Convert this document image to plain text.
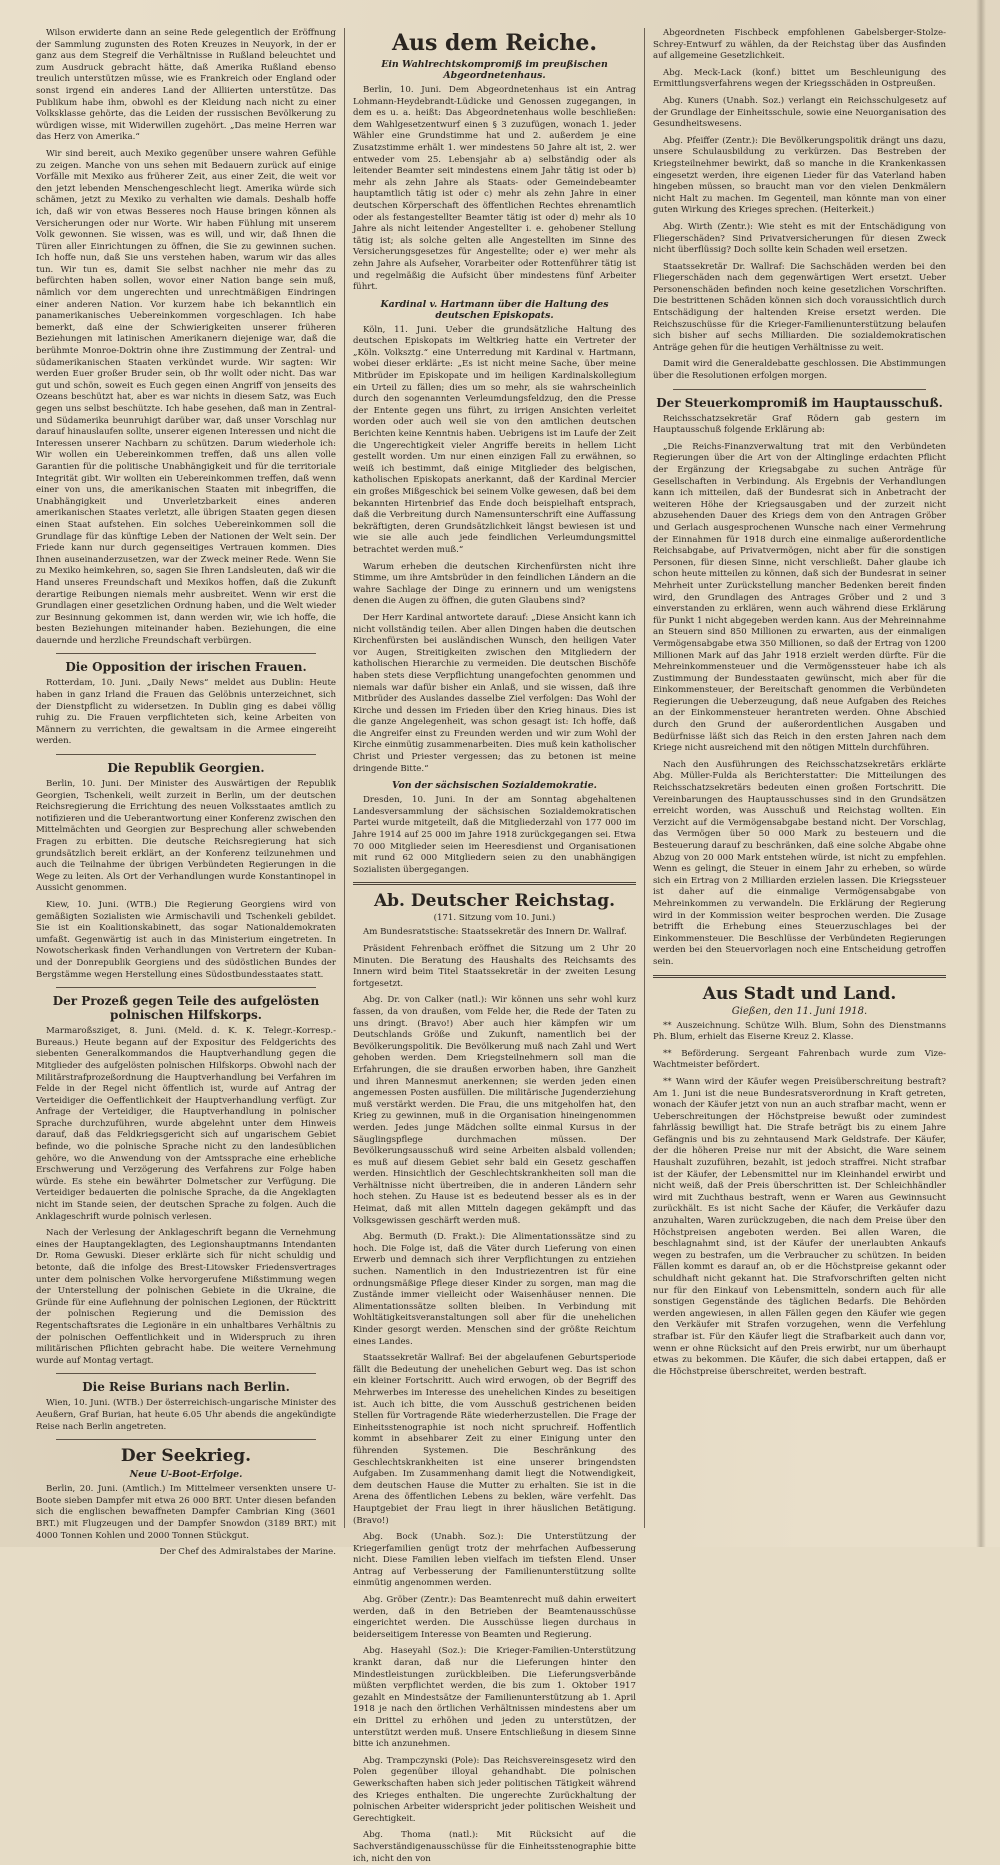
Wilson erwiderte dann an seine Rede gelegentlich der Eröffnung der Sammlung zugunsten des Roten Kreuzes in Neuyork, in der er ganz aus dem Stegreif die Verhältnisse in Rußland beleuchtet und zum Ausdruck gebracht hätte, daß Amerika Rußland ebenso treulich unterstützen müsse, wie es Frankreich oder England oder sonst irgend ein anderes Land der Alliierten unterstütze. Das Publikum habe ihm, obwohl es der Kleidung nach nicht zu einer Volksklasse gehörte, das die Leiden der russischen Bevölkerung zu würdigen wisse, mit Widerwillen zugehört. „Das meine Herren war das Herz von Amerika.“

Wir sind bereit, auch Mexiko gegenüber unsere wahren Gefühle zu zeigen. Manche von uns sehen mit Bedauern zurück auf einige Vorfälle mit Mexiko aus früherer Zeit, aus einer Zeit, die weit vor den jetzt lebenden Menschengeschlecht liegt. Amerika würde sich schämen, jetzt zu Mexiko zu verhalten wie damals. Deshalb hoffe ich, daß wir von etwas Besseres noch Hause bringen können als Versicherungen oder nur Worte. Wir haben Fühlung mit unserem Volk gewonnen. Sie wissen, was es will, und wir, daß Ihnen die Türen aller Einrichtungen zu öffnen, die Sie zu gewinnen suchen. Ich hoffe nun, daß Sie uns verstehen haben, warum wir das alles tun. Wir tun es, damit Sie selbst nachher nie mehr das zu befürchten haben sollen, wovor einer Nation bange sein muß, nämlich vor dem ungerechten und unrechtmäßigen Eindringen einer anderen Nation. Vor kurzem habe ich bekanntlich ein panamerikanisches Uebereinkommen vorgeschlagen. Ich habe bemerkt, daß eine der Schwierigkeiten unserer früheren Beziehungen mit latinischen Amerikanern diejenige war, daß die berühmte Monroe-Doktrin ohne ihre Zustimmung der Zentral- und südamerikanischen Staaten verkündet wurde. Wir sagten: Wir werden Euer großer Bruder sein, ob Ihr wollt oder nicht. Das war gut und schön, soweit es Euch gegen einen Angriff von jenseits des Ozeans beschützt hat, aber es war nichts in diesem Satz, was Euch gegen uns selbst beschützte. Ich habe gesehen, daß man in Zentral- und Südamerika beunruhigt darüber war, daß unser Vorschlag nur darauf hinauslaufen sollte, unserer eigenen Interessen und nicht die Interessen unserer Nachbarn zu schützen. Darum wiederhole ich: Wir wollen ein Uebereinkommen treffen, daß uns allen volle Garantien für die politische Unabhängigkeit und für die territoriale Integrität gibt. Wir wollten ein Uebereinkommen treffen, daß wenn einer von uns, die amerikanischen Staaten mit inbegriffen, die Unabhängigkeit und Unverletzbarkeit eines anderen amerikanischen Staates verletzt, alle übrigen Staaten gegen diesen einen Staat aufstehen. Ein solches Uebereinkommen soll die Grundlage für das künftige Leben der Nationen der Welt sein. Der Friede kann nur durch gegenseitiges Vertrauen kommen. Dies Ihnen auseinanderzusetzen, war der Zweck meiner Rede. Wenn Sie zu Mexiko heimkehren, so, sagen Sie Ihren Landsleuten, daß wir die Hand unseres Freundschaft und Mexikos hoffen, daß die Zukunft derartige Reibungen niemals mehr ausbreitet. Wenn wir erst die Grundlagen einer gesetzlichen Ordnung haben, und die Welt wieder zur Besinnung gekommen ist, dann werden wir, wie ich hoffe, die besten Beziehungen miteinander haben. Beziehungen, die eine dauernde und herzliche Freundschaft verbürgen.

Die Opposition der irischen Frauen.

Rotterdam, 10. Juni. „Daily News“ meldet aus Dublin: Heute haben in ganz Irland die Frauen das Gelöbnis unterzeichnet, sich der Dienstpflicht zu widersetzen. In Dublin ging es dabei völlig ruhig zu. Die Frauen verpflichteten sich, keine Arbeiten von Männern zu verrichten, die gewaltsam in die Armee eingereiht werden.

Die Republik Georgien.

Berlin, 10. Juni. Der Minister des Auswärtigen der Republik Georgien, Tschenkeli, weilt zurzeit in Berlin, um der deutschen Reichsregierung die Errichtung des neuen Volksstaates amtlich zu notifizieren und die Ueberantwortung einer Konferenz zwischen den Mittelmächten und Georgien zur Besprechung aller schwebenden Fragen zu erbitten. Die deutsche Reichsregierung hat sich grundsätzlich bereit erklärt, an der Konferenz teilzunehmen und auch die Teilnahme der übrigen Verbündeten Regierungen in die Wege zu leiten. Als Ort der Verhandlungen wurde Konstantinopel in Aussicht genommen.

Kiew, 10. Juni. (WTB.) Die Regierung Georgiens wird von gemäßigten Sozialisten wie Armischavili und Tschenkeli gebildet. Sie ist ein Koalitionskabinett, das sogar Nationaldemokraten umfaßt. Gegenwärtig ist auch in das Ministerium eingetreten. In Nowotscherkask finden Verhandlungen von Vertretern der Kuban- und der Donrepublik Georgiens und des südöstlichen Bundes der Bergstämme wegen Herstellung eines Südostbundesstaates statt.

Der Prozeß gegen Teile des aufgelösten polnischen Hilfskorps.

Marmaroßsziget, 8. Juni. (Meld. d. K. K. Telegr.-Korresp.-Bureaus.) Heute begann auf der Expositur des Feldgerichts des siebenten Generalkommandos die Hauptverhandlung gegen die Mitglieder des aufgelösten polnischen Hilfskorps. Obwohl nach der Militärstrafprozeßordnung die Hauptverhandlung bei Verfahren im Felde in der Regel nicht öffentlich ist, wurde auf Antrag der Verteidiger die Oeffentlichkeit der Hauptverhandlung verfügt. Zur Anfrage der Verteidiger, die Hauptverhandlung in polnischer Sprache durchzuführen, wurde abgelehnt unter dem Hinweis darauf, daß das Feldkriegsgericht sich auf ungarischem Gebiet befinde, wo die polnische Sprache nicht zu den landesüblichen gehöre, wo die Anwendung von der Amtssprache eine erhebliche Erschwerung und Verzögerung des Verfahrens zur Folge haben würde. Es stehe ein bewährter Dolmetscher zur Verfügung. Die Verteidiger bedauerten die polnische Sprache, da die Angeklagten nicht im Stande seien, der deutschen Sprache zu folgen. Auch die Anklageschrift wurde polnisch verlesen.

Nach der Verlesung der Anklageschrift begann die Vernehmung eines der Hauptangeklagten, des Legionshauptmanns Intendanten Dr. Roma Gewuski. Dieser erklärte sich für nicht schuldig und betonte, daß die infolge des Brest-Litowsker Friedensvertrages unter dem polnischen Volke hervorgerufene Mißstimmung wegen der Unterstellung der polnischen Gebiete in die Ukraine, die Gründe für eine Auflehnung der polnischen Legionen, der Rücktritt der polnischen Regierung und die Demission des Regentschaftsrates die Legionäre in ein unhaltbares Verhältnis zu der polnischen Oeffentlichkeit und in Widerspruch zu ihren militärischen Pflichten gebracht habe. Die weitere Vernehmung wurde auf Montag vertagt.

Die Reise Burians nach Berlin.

Wien, 10. Juni. (WTB.) Der österreichisch-ungarische Minister des Aeußern, Graf Burian, hat heute 6.05 Uhr abends die angekündigte Reise nach Berlin angetreten.

Der Seekrieg.
Neue U-Boot-Erfolge.

Berlin, 20. Juni. (Amtlich.) Im Mittelmeer versenkten unsere U-Boote sieben Dampfer mit etwa 26 000 BRT. Unter diesen befanden sich die englischen bewaffneten Dampfer Cambrian King (3601 BRT.) mit Flugzeugen und der Dampfer Snowdon (3189 BRT.) mit 4000 Tonnen Kohlen und 2000 Tonnen Stückgut.

Der Chef des Admiralstabes der Marine.

Aus dem Reiche.
Ein Wahlrechtskompromiß im preußischen Abgeordnetenhaus.

Berlin, 10. Juni. Dem Abgeordnetenhaus ist ein Antrag Lohmann-Heydebrandt-Lüdicke und Genossen zugegangen, in dem es u. a. heißt: Das Abgeordnetenhaus wolle beschließen: dem Wahlgesetzentwurf einen § 3 zuzufügen, wonach 1. jeder Wähler eine Grundstimme hat und 2. außerdem je eine Zusatzstimme erhält 1. wer mindestens 50 Jahre alt ist, 2. wer entweder vom 25. Lebensjahr ab a) selbständig oder als leitender Beamter seit mindestens einem Jahr tätig ist oder b) mehr als zehn Jahre als Staats- oder Gemeindebeamter hauptamtlich tätig ist oder c) mehr als zehn Jahre in einer deutschen Körperschaft des öffentlichen Rechtes ehrenamtlich oder als festangestellter Beamter tätig ist oder d) mehr als 10 Jahre als nicht leitender Angestellter i. e. gehobener Stellung tätig ist; als solche gelten alle Angestellten im Sinne des Versicherungsgesetzes für Angestellte; oder e) wer mehr als zehn Jahre als Aufseher, Vorarbeiter oder Rottenführer tätig ist und regelmäßig die Aufsicht über mindestens fünf Arbeiter führt.

Kardinal v. Hartmann über die Haltung des deutschen Episkopats.

Köln, 11. Juni. Ueber die grundsätzliche Haltung des deutschen Episkopats im Weltkrieg hatte ein Vertreter der „Köln. Volksztg.“ eine Unterredung mit Kardinal v. Hartmann, wobei dieser erklärte: „Es ist nicht meine Sache, über meine Mitbrüder im Episkopate und im heiligen Kardinalskollegium ein Urteil zu fällen; dies um so mehr, als sie wahrscheinlich durch den sogenannten Verleumdungsfeldzug, den die Presse der Entente gegen uns führt, zu irrigen Ansichten verleitet worden oder auch weil sie von den amtlichen deutschen Berichten keine Kenntnis haben. Uebrigens ist im Laufe der Zeit die Ungerechtigkeit vieler Angriffe bereits in hellem Licht gestellt worden. Um nur einen einzigen Fall zu erwähnen, so weiß ich bestimmt, daß einige Mitglieder des belgischen, katholischen Episkopats anerkannt, daß der Kardinal Mercier ein großes Mißgeschick bei seinem Volke gewesen, daß bei dem bekannten Hirtenbrief das Ende doch beispielhaft entsprach, daß die Verbreitung durch Namensunterschrift eine Auffassung bekräftigten, deren Grundsätzlichkeit längst bewiesen ist und wie sie alle auch jede feindlichen Verleumdungsmittel betrachtet werden muß.“

Warum erheben die deutschen Kirchenfürsten nicht ihre Stimme, um ihre Amtsbrüder in den feindlichen Ländern an die wahre Sachlage der Dinge zu erinnern und um wenigstens denen die Augen zu öffnen, die guten Glaubens sind?

Der Herr Kardinal antwortete darauf: „Diese Ansicht kann ich nicht vollständig teilen. Aber allen Dingen haben die deutschen Kirchenfürsten bei ausländischen Wunsch, den heiligen Vater vor Augen, Streitigkeiten zwischen den Mitgliedern der katholischen Hierarchie zu vermeiden. Die deutschen Bischöfe haben stets diese Verpflichtung unangefochten genommen und niemals war dafür bisher ein Anlaß, und sie wissen, daß ihre Mitbrüder des Auslandes dasselbe Ziel verfolgen: Das Wohl der Kirche und dessen im Frieden über den Krieg hinaus. Dies ist die ganze Angelegenheit, was schon gesagt ist: Ich hoffe, daß die Angreifer einst zu Freunden werden und wir zum Wohl der Kirche einmütig zusammenarbeiten. Dies muß kein katholischer Christ und Priester vergessen; das zu betonen ist meine dringende Bitte.“

Von der sächsischen Sozialdemokratie.

Dresden, 10. Juni. In der am Sonntag abgehaltenen Landesversammlung der sächsischen Sozialdemokratischen Partei wurde mitgeteilt, daß die Mitgliederzahl von 177 000 im Jahre 1914 auf 25 000 im Jahre 1918 zurückgegangen sei. Etwa 70 000 Mitglieder seien im Heeresdienst und Organisationen mit rund 62 000 Mitgliedern seien zu den unabhängigen Sozialisten übergegangen.

Ab. Deutscher Reichstag.
(171. Sitzung vom 10. Juni.)

Am Bundesratstische: Staatssekretär des Innern Dr. Wallraf.

Präsident Fehrenbach eröffnet die Sitzung um 2 Uhr 20 Minuten. Die Beratung des Haushalts des Reichsamts des Innern wird beim Titel Staatssekretär in der zweiten Lesung fortgesetzt.

Abg. Dr. von Calker (natl.): Wir können uns sehr wohl kurz fassen, da von draußen, vom Felde her, die Rede der Taten zu uns dringt. (Bravo!) Aber auch hier kämpfen wir um Deutschlands Größe und Zukunft, namentlich bei der Bevölkerungspolitik. Die Bevölkerung muß nach Zahl und Wert gehoben werden. Dem Kriegsteilnehmern soll man die Erfahrungen, die sie draußen erworben haben, ihre Ganzheit und ihren Mannesmut anerkennen; sie werden jeden einen angemessen Posten ausfüllen. Die militärische Jugenderziehung muß verstärkt werden. Die Frau, die uns mitgeholfen hat, den Krieg zu gewinnen, muß in die Organisation hineingenommen werden. Jedes junge Mädchen sollte einmal Kursus in der Säuglingspflege durchmachen müssen. Der Bevölkerungsausschuß wird seine Arbeiten alsbald vollenden; es muß auf diesem Gebiet sehr bald ein Gesetz geschaffen werden. Hinsichtlich der Geschlechtskrankheiten soll man die Verhältnisse nicht übertreiben, die in anderen Ländern sehr hoch stehen. Zu Hause ist es bedeutend besser als es in der Heimat, daß mit allen Mitteln dagegen gekämpft und das Volksgewissen geschärft werden muß.

Abg. Bermuth (D. Frakt.): Die Alimentationssätze sind zu hoch. Die Folge ist, daß die Väter durch Lieferung von einen Erwerb und demnach sich ihrer Verpflichtungen zu entziehen suchen. Namentlich in den Industriezentren ist für eine ordnungsmäßige Pflege dieser Kinder zu sorgen, man mag die Zustände immer vielleicht oder Waisenhäuser nennen. Die Alimentationssätze sollten bleiben. In Verbindung mit Wohltätigkeitsveranstaltungen soll aber für die unehelichen Kinder gesorgt werden. Menschen sind der größte Reichtum eines Landes.

Staatssekretär Wallraf: Bei der abgelaufenen Geburtsperiode fällt die Bedeutung der unehelichen Geburt weg. Das ist schon ein kleiner Fortschritt. Auch wird erwogen, ob der Begriff des Mehrwerbes im Interesse des unehelichen Kindes zu beseitigen ist. Auch ich bitte, die vom Ausschuß gestrichenen beiden Stellen für Vortragende Räte wiederherzustellen. Die Frage der Einheitsstenographie ist noch nicht spruchreif. Hoffentlich kommt in absehbarer Zeit zu einer Einigung unter den führenden Systemen. Die Beschränkung des Geschlechtskrankheiten ist eine unserer bringendsten Aufgaben. Im Zusammenhang damit liegt die Notwendigkeit, dem deutschen Hause die Mutter zu erhalten. Sie ist in die Arena des öffentlichen Lebens zu beklen, wäre verfehlt. Das Hauptgebiet der Frau liegt in ihrer häuslichen Betätigung. (Bravo!)

Abg. Bock (Unabh. Soz.): Die Unterstützung der Kriegerfamilien genügt trotz der mehrfachen Aufbesserung nicht. Diese Familien leben vielfach im tiefsten Elend. Unser Antrag auf Verbesserung der Familienunterstützung sollte einmütig angenommen werden.

Abg. Gröber (Zentr.): Das Beamtenrecht muß dahin erweitert werden, daß in den Betrieben der Beamtenausschüsse eingerichtet werden. Die Ausschüsse liegen durchaus in beiderseitigem Interesse von Beamten und Regierung.

Abg. Haseyahl (Soz.): Die Krieger-Familien-Unterstützung krankt daran, daß nur die Lieferungen hinter den Mindestleistungen zurückbleiben. Die Lieferungsverbände müßten verpflichtet werden, die bis zum 1. Oktober 1917 gezahlt en Mindestsätze der Familienunterstützung ab 1. April 1918 je nach den örtlichen Verhältnissen mindestens aber um ein Drittel zu erhöhen und jeden zu unterstützen, der unterstützt werden muß. Unsere Entschließung in diesem Sinne bitte ich anzunehmen.

Abg. Trampczynski (Pole): Das Reichsvereinsgesetz wird den Polen gegenüber illoyal gehandhabt. Die polnischen Gewerkschaften haben sich jeder politischen Tätigkeit während des Krieges enthalten. Die ungerechte Zurückhaltung der polnischen Arbeiter widerspricht jeder politischen Weisheit und Gerechtigkeit.

Abg. Thoma (natl.): Mit Rücksicht auf die Sachverständigenausschüsse für die Einheitsstenographie bitte ich, nicht den von

Abgeordneten Fischbeck empfohlenen Gabelsberger-Stolze-Schrey-Entwurf zu wählen, da der Reichstag über das Ausfinden auf allgemeine Gesetzlichkeit.

Abg. Meck-Lack (konf.) bittet um Beschleunigung des Ermittlungsverfahrens wegen der Kriegsschäden in Ostpreußen.

Abg. Kuners (Unabh. Soz.) verlangt ein Reichsschulgesetz auf der Grundlage der Einheitsschule, sowie eine Neuorganisation des Gesundheitswesens.

Abg. Pfeiffer (Zentr.): Die Bevölkerungspolitik drängt uns dazu, unsere Schulausbildung zu verkürzen. Das Bestreben der Kriegsteilnehmer bewirkt, daß so manche in die Krankenkassen eingesetzt werden, ihre eigenen Lieder für das Vaterland haben hingeben müssen, so braucht man vor den vielen Denkmälern nicht Halt zu machen. Im Gegenteil, man könnte man von einer guten Wirkung des Krieges sprechen. (Heiterkeit.)

Abg. Wirth (Zentr.): Wie steht es mit der Entschädigung von Fliegerschäden? Sind Privatversicherungen für diesen Zweck nicht überflüssig? Doch sollte kein Schaden weil ersetzen.

Staatssekretär Dr. Wallraf: Die Sachschäden werden bei den Fliegerschäden nach dem gegenwärtigen Wert ersetzt. Ueber Personenschäden befinden noch keine gesetzlichen Vorschriften. Die bestrittenen Schäden können sich doch voraussichtlich durch Entschädigung der haltenden Kreise ersetzt werden. Die Reichszuschüsse für die Krieger-Familienunterstützung belaufen sich bisher auf sechs Milliarden. Die sozialdemokratischen Anträge gehen für die heutigen Verhältnisse zu weit.

Damit wird die Generaldebatte geschlossen. Die Abstimmungen über die Resolutionen erfolgen morgen.

Der Steuerkompromiß im Hauptausschuß.

Reichsschatzsekretär Graf Rödern gab gestern im Hauptausschuß folgende Erklärung ab:

„Die Reichs-Finanzverwaltung trat mit den Verbündeten Regierungen über die Art von der Altinglinge erdachten Pflicht der Ergänzung der Kriegsabgabe zu suchen Anträge für Gesellschaften in Verbindung. Als Ergebnis der Verhandlungen kann ich mitteilen, daß der Bundesrat sich in Anbetracht der weiteren Höhe der Kriegsausgaben und der zurzeit nicht abzusehenden Dauer des Kriegs dem von den Antragen Gröber und Gerlach ausgesprochenen Wunsche nach einer Vermehrung der Einnahmen für 1918 durch eine einmalige außerordentliche Reichsabgabe, auf Privatvermögen, nicht aber für die sonstigen Personen, für diesen Sinne, nicht verschließt. Daher glaube ich schon heute mitteilen zu können, daß sich der Bundesrat in seiner Mehrheit unter Zurückstellung mancher Bedenken bereit finden wird, den Grundlagen des Antrages Gröber und 2 und 3 einverstanden zu erklären, wenn auch während diese Erklärung für Punkt 1 nicht abgegeben werden kann. Aus der Mehreinnahme an Steuern sind 850 Millionen zu erwarten, aus der einmaligen Vermögensabgabe etwa 350 Millionen, so daß der Ertrag von 1200 Millionen Mark auf das Jahr 1918 erzielt werden dürfte. Für die Mehreinkommensteuer und die Vermögenssteuer habe ich als Zustimmung der Bundesstaaten gewünscht, mich aber für die Einkommensteuer, der Bereitschaft genommen die Verbündeten Regierungen die Ueberzeugung, daß neue Aufgaben des Reiches an der Einkommensteuer herantreten werden. Ohne Abschied durch den Grund der außerordentlichen Ausgaben und Bedürfnisse läßt sich das Reich in den ersten Jahren nach dem Kriege nicht ausreichend mit den nötigen Mitteln durchführen.

Nach den Ausführungen des Reichsschatzsekretärs erklärte Abg. Müller-Fulda als Berichterstatter: Die Mitteilungen des Reichsschatzsekretärs bedeuten einen großen Fortschritt. Die Vereinbarungen des Hauptausschusses sind in den Grundsätzen erreicht worden, was Ausschuß und Reichstag wollten. Ein Verzicht auf die Vermögensabgabe bestand nicht. Der Vorschlag, das Vermögen über 50 000 Mark zu besteuern und die Besteuerung darauf zu beschränken, daß eine solche Abgabe ohne Abzug von 20 000 Mark entstehen würde, ist nicht zu empfehlen. Wenn es gelingt, die Steuer in einem Jahr zu erheben, so würde sich ein Ertrag von 2 Milliarden erzielen lassen. Die Kriegssteuer ist daher auf die einmalige Vermögensabgabe von Mehreinkommen zu verwandeln. Die Erklärung der Regierung wird in der Kommission weiter besprochen werden. Die Zusage betrifft die Erhebung eines Steuerzuschlages bei der Einkommensteuer. Die Beschlüsse der Verbündeten Regierungen werden bei den Steuervorlagen noch eine Entscheidung getroffen sein.

Aus Stadt und Land.
Gießen, den 11. Juni 1918.

** Auszeichnung. Schütze Wilh. Blum, Sohn des Dienstmanns Ph. Blum, erhielt das Eiserne Kreuz 2. Klasse.

** Beförderung. Sergeant Fahrenbach wurde zum Vize-Wachtmeister befördert.

** Wann wird der Käufer wegen Preisüberschreitung bestraft? Am 1. Juni ist die neue Bundesratsverordnung in Kraft getreten, wonach der Käufer jetzt von nun an auch strafbar macht, wenn er Ueberschreitungen der Höchstpreise bewußt oder zumindest fahrlässig bewilligt hat. Die Strafe beträgt bis zu einem Jahre Gefängnis und bis zu zehntausend Mark Geldstrafe. Der Käufer, der die höheren Preise nur mit der Absicht, die Ware seinem Haushalt zuzuführen, bezahlt, ist jedoch straffrei. Nicht strafbar ist der Käufer, der Lebensmittel nur im Kleinhandel erwirbt und nicht weiß, daß der Preis überschritten ist. Der Schleichhändler wird mit Zuchthaus bestraft, wenn er Waren aus Gewinnsucht zurückhält. Es ist nicht Sache der Käufer, die Verkäufer dazu anzuhalten, Waren zurückzugeben, die nach dem Preise über den Höchstpreisen angeboten werden. Bei allen Waren, die beschlagnahmt sind, ist der Käufer der unerlaubten Ankaufs wegen zu bestrafen, um die Verbraucher zu schützen. In beiden Fällen kommt es darauf an, ob er die Höchstpreise gekannt oder schuldhaft nicht gekannt hat. Die Strafvorschriften gelten nicht nur für den Einkauf von Lebensmitteln, sondern auch für alle sonstigen Gegenstände des täglichen Bedarfs. Die Behörden werden angewiesen, in allen Fällen gegen den Käufer wie gegen den Verkäufer mit Strafen vorzugehen, wenn die Verfehlung strafbar ist. Für den Käufer liegt die Strafbarkeit auch dann vor, wenn er ohne Rücksicht auf den Preis erwirbt, nur um überhaupt etwas zu bekommen. Die Käufer, die sich dabei ertappen, daß er die Höchstpreise überschreitet, werden bestraft.
